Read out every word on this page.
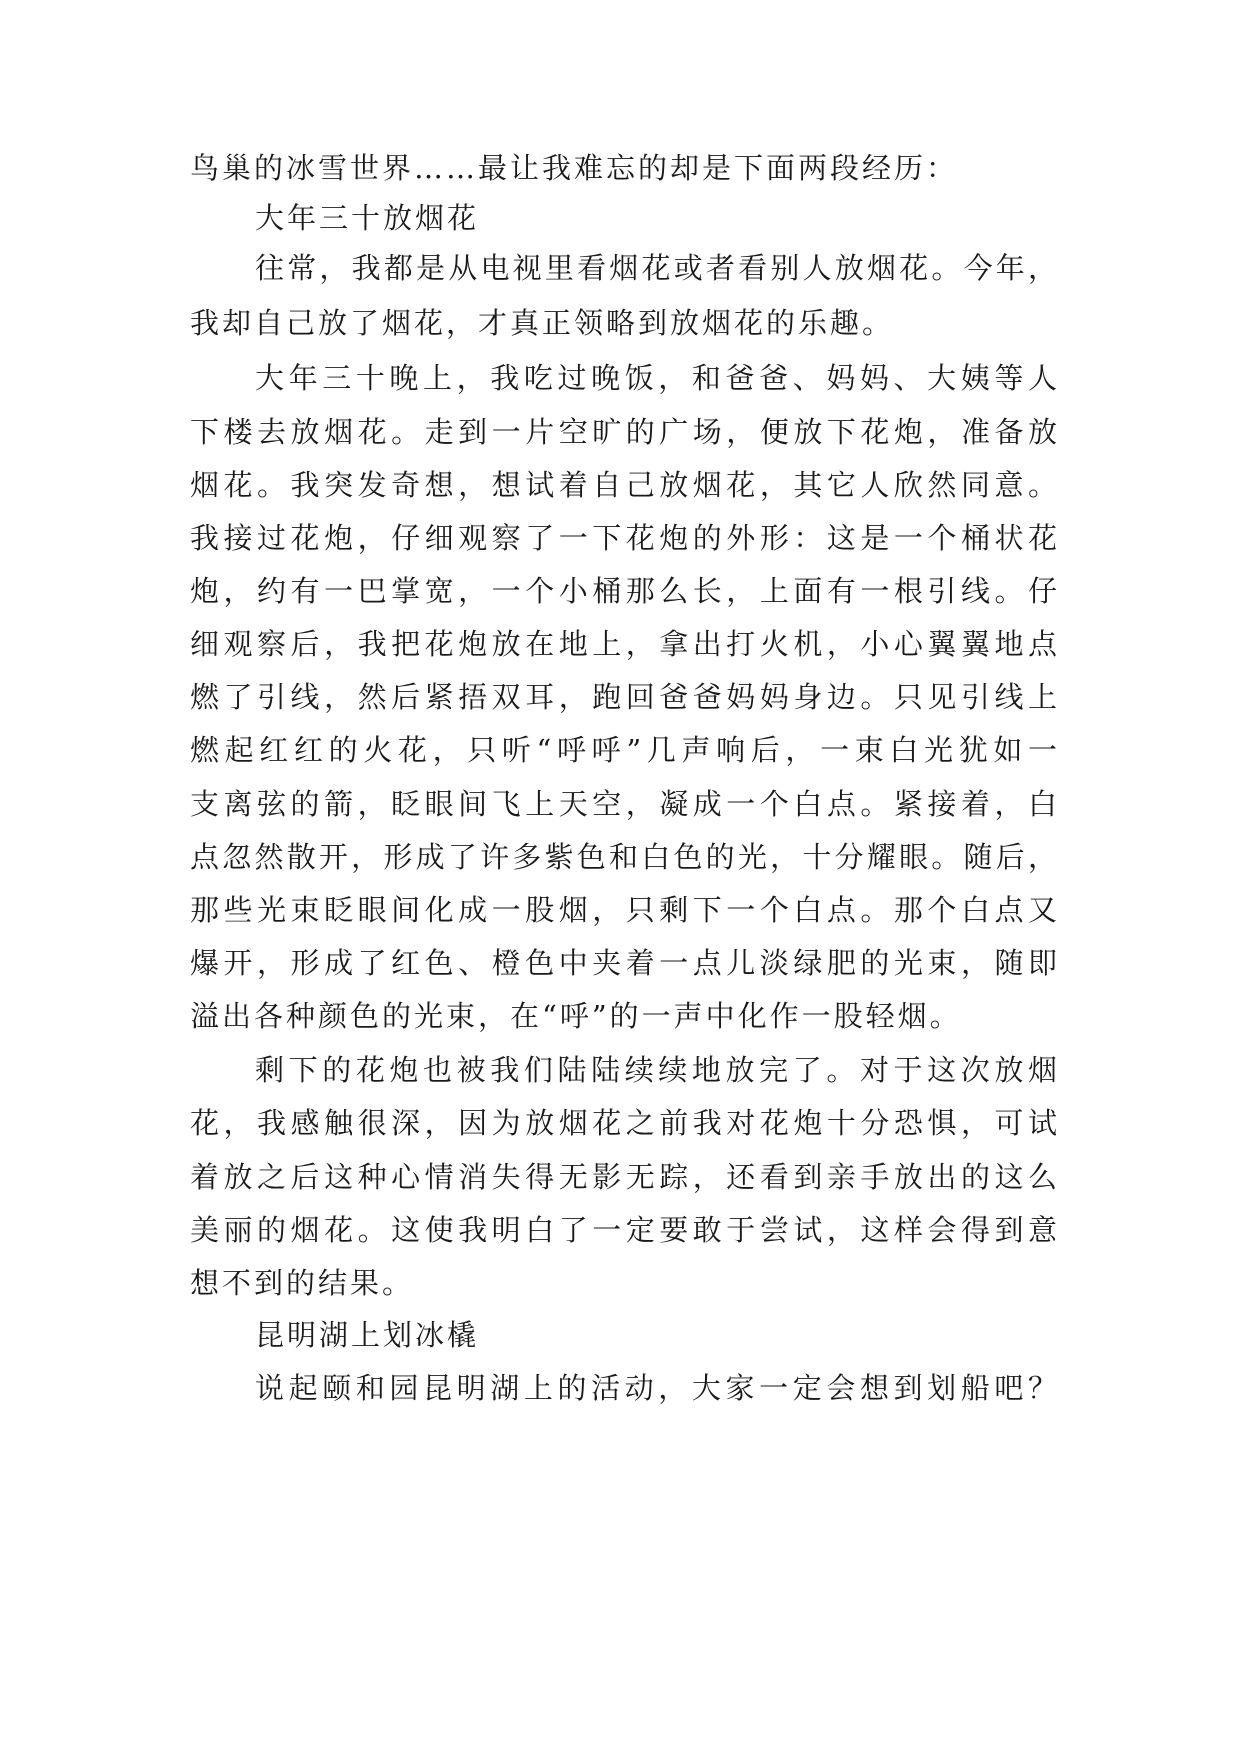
鸟巢的冰雪世界……最让我难忘的却是下面两段经历：
大年三十放烟花
往常，我都是从电视里看烟花或者看别人放烟花。今年，
我却自己放了烟花，才真正领略到放烟花的乐趣。
大年三十晚上，我吃过晚饭，和爸爸、妈妈、大姨等人
下楼去放烟花。走到一片空旷的广场，便放下花炮，准备放
烟花。我突发奇想，想试着自己放烟花，其它人欣然同意。
我接过花炮，仔细观察了一下花炮的外形：这是一个桶状花
炮，约有一巴掌宽，一个小桶那么长，上面有一根引线。仔
细观察后，我把花炮放在地上，拿出打火机，小心翼翼地点
燃了引线，然后紧捂双耳，跑回爸爸妈妈身边。只见引线上
燃起红红的火花，只听“呼呼”几声响后，一束白光犹如一
支离弦的箭，眨眼间飞上天空，凝成一个白点。紧接着，白
点忽然散开，形成了许多紫色和白色的光，十分耀眼。随后，
那些光束眨眼间化成一股烟，只剩下一个白点。那个白点又
爆开，形成了红色、橙色中夹着一点儿淡绿肥的光束，随即
溢出各种颜色的光束，在“呼”的一声中化作一股轻烟。
剩下的花炮也被我们陆陆续续地放完了。对于这次放烟
花，我感触很深，因为放烟花之前我对花炮十分恐惧，可试
着放之后这种心情消失得无影无踪，还看到亲手放出的这么
美丽的烟花。这使我明白了一定要敢于尝试，这样会得到意
想不到的结果。
昆明湖上划冰橇
说起颐和园昆明湖上的活动，大家一定会想到划船吧？
